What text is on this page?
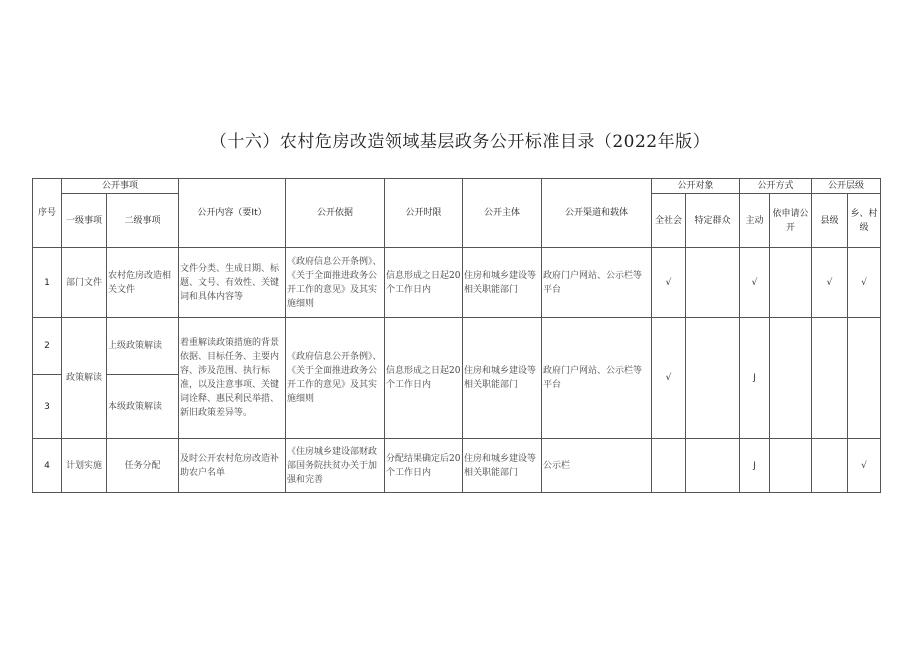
（十六）农村危房改造领域基层政务公开标准目录（2022年版）
序号	公开事项		公开内容（要It）	公开依据	公开时限	公开主体	公开渠道和载体	公开对象		公开方式		公开层级	
	一级事项	二级事项						全社会	特定群众	主动	依申请公开	县级	乡、村级
1	部门文件	农村危房改造相关文件	文件分类、生成日期、标题、文号、有效性、关键词和具体内容等	《政府信息公开条例》、《关于全面推进政务公开工作的意见》及其实施细则	信息形成之日起20个工作日内	住房和城乡建设等相关职能部门	政府门户网站、公示栏等平台	√		√		√	√
2	政策解读	上级政策解读	着重解读政策措施的背景依据、目标任务、主要内容、涉及范围、执行标准，以及注意事项、关键词诠释、惠民利民举措、新旧政策差异等。	《政府信息公开条例》、《关于全面推进政务公开工作的意见》及其实施细则	信息形成之日起20个工作日内	住房和城乡建设等相关职能部门	政府门户网站、公示栏等平台	√		J			
3		本级政策解读											
4	计划实施	任务分配	及时公开农村危房改造补助农户名单	《住房城乡建设部财政部国务院扶贫办关于加强和完善	分配结果确定后20个工作日内	住房和城乡建设等相关职能部门	公示栏			J			√
